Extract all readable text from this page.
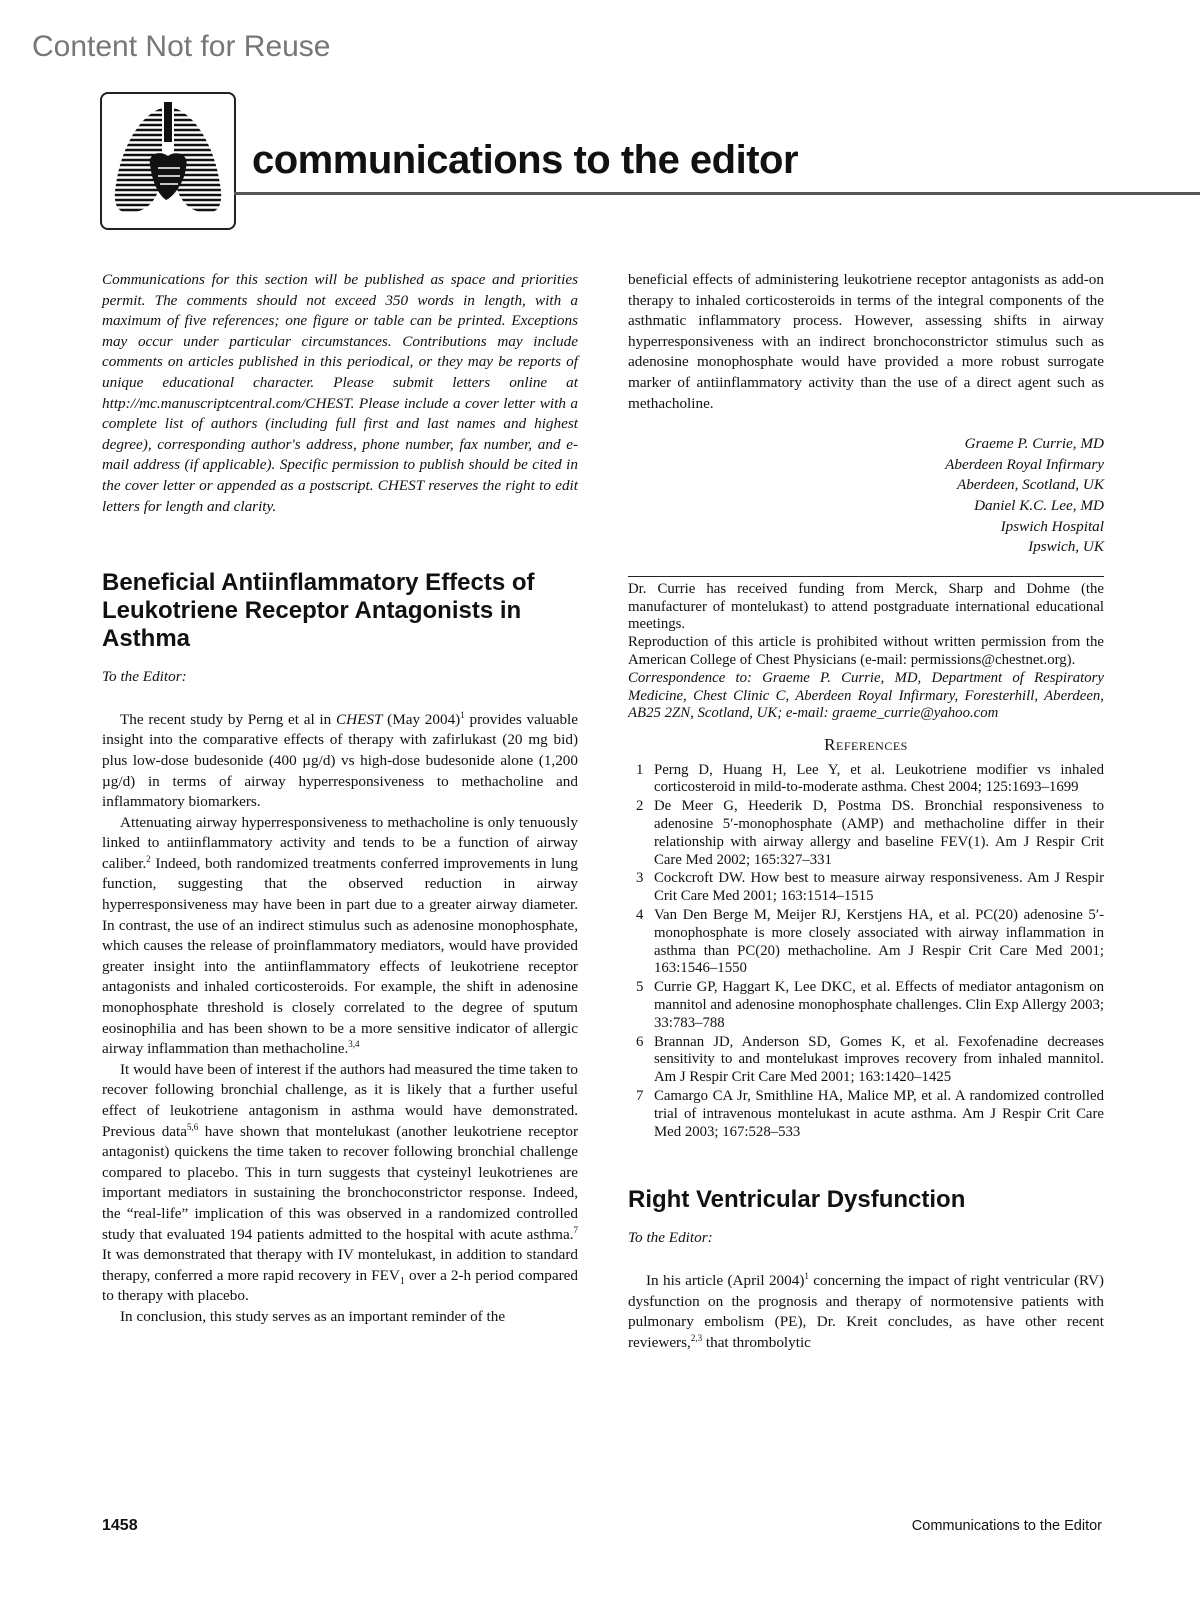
Content Not for Reuse
communications to the editor

Communications for this section will be published as space and priorities permit. The comments should not exceed 350 words in length, with a maximum of five references; one figure or table can be printed. Exceptions may occur under particular circumstances. Contributions may include comments on articles published in this periodical, or they may be reports of unique educational character. Please submit letters online at http://mc.manuscriptcentral.com/CHEST. Please include a cover letter with a complete list of authors (including full first and last names and highest degree), corresponding author's address, phone number, fax number, and e-mail address (if applicable). Specific permission to publish should be cited in the cover letter or appended as a postscript. CHEST reserves the right to edit letters for length and clarity.

Beneficial Antiinflammatory Effects of Leukotriene Receptor Antagonists in Asthma

To the Editor:

The recent study by Perng et al in CHEST (May 2004)$^1$ provides valuable insight into the comparative effects of therapy with zafirlukast (20 mg bid) plus low-dose budesonide (400 µg/d) vs high-dose budesonide alone (1,200 µg/d) in terms of airway hyperresponsiveness to methacholine and inflammatory biomarkers.

Attenuating airway hyperresponsiveness to methacholine is only tenuously linked to antiinflammatory activity and tends to be a function of airway caliber.$^2$ Indeed, both randomized treatments conferred improvements in lung function, suggesting that the observed reduction in airway hyperresponsiveness may have been in part due to a greater airway diameter. In contrast, the use of an indirect stimulus such as adenosine monophosphate, which causes the release of proinflammatory mediators, would have provided greater insight into the antiinflammatory effects of leukotriene receptor antagonists and inhaled corticosteroids. For example, the shift in adenosine monophosphate threshold is closely correlated to the degree of sputum eosinophilia and has been shown to be a more sensitive indicator of allergic airway inflammation than methacholine.$^{3,4}$

It would have been of interest if the authors had measured the time taken to recover following bronchial challenge, as it is likely that a further useful effect of leukotriene antagonism in asthma would have demonstrated. Previous data$^{5,6}$ have shown that montelukast (another leukotriene receptor antagonist) quickens the time taken to recover following bronchial challenge compared to placebo. This in turn suggests that cysteinyl leukotrienes are important mediators in sustaining the bronchoconstrictor response. Indeed, the “real-life” implication of this was observed in a randomized controlled study that evaluated 194 patients admitted to the hospital with acute asthma.$^7$ It was demonstrated that therapy with IV montelukast, in addition to standard therapy, conferred a more rapid recovery in $FEV_1$ over a 2-h period compared to therapy with placebo.

In conclusion, this study serves as an important reminder of the

beneficial effects of administering leukotriene receptor antagonists as add-on therapy to inhaled corticosteroids in terms of the integral components of the asthmatic inflammatory process. However, assessing shifts in airway hyperresponsiveness with an indirect bronchoconstrictor stimulus such as adenosine monophosphate would have provided a more robust surrogate marker of antiinflammatory activity than the use of a direct agent such as methacholine.

Graeme P. Currie, MD
Aberdeen Royal Infirmary
Aberdeen, Scotland, UK
Daniel K.C. Lee, MD
Ipswich Hospital
Ipswich, UK

Dr. Currie has received funding from Merck, Sharp and Dohme (the manufacturer of montelukast) to attend postgraduate international educational meetings.

Reproduction of this article is prohibited without written permission from the American College of Chest Physicians (e-mail: permissions@chestnet.org).

Correspondence to: Graeme P. Currie, MD, Department of Respiratory Medicine, Chest Clinic C, Aberdeen Royal Infirmary, Foresterhill, Aberdeen, AB25 2ZN, Scotland, UK; e-mail: graeme_currie@yahoo.com

References
1 Perng D, Huang H, Lee Y, et al. Leukotriene modifier vs inhaled corticosteroid in mild-to-moderate asthma. Chest 2004; 125:1693–1699
2 De Meer G, Heederik D, Postma DS. Bronchial responsiveness to adenosine 5′-monophosphate (AMP) and methacholine differ in their relationship with airway allergy and baseline FEV(1). Am J Respir Crit Care Med 2002; 165:327–331
3 Cockcroft DW. How best to measure airway responsiveness. Am J Respir Crit Care Med 2001; 163:1514–1515
4 Van Den Berge M, Meijer RJ, Kerstjens HA, et al. PC(20) adenosine 5′-monophosphate is more closely associated with airway inflammation in asthma than PC(20) methacholine. Am J Respir Crit Care Med 2001; 163:1546–1550
5 Currie GP, Haggart K, Lee DKC, et al. Effects of mediator antagonism on mannitol and adenosine monophosphate challenges. Clin Exp Allergy 2003; 33:783–788
6 Brannan JD, Anderson SD, Gomes K, et al. Fexofenadine decreases sensitivity to and montelukast improves recovery from inhaled mannitol. Am J Respir Crit Care Med 2001; 163:1420–1425
7 Camargo CA Jr, Smithline HA, Malice MP, et al. A randomized controlled trial of intravenous montelukast in acute asthma. Am J Respir Crit Care Med 2003; 167:528–533
Right Ventricular Dysfunction

To the Editor:

In his article (April 2004)$^1$ concerning the impact of right ventricular (RV) dysfunction on the prognosis and therapy of normotensive patients with pulmonary embolism (PE), Dr. Kreit concludes, as have other recent reviewers,$^{2,3}$ that thrombolytic

1458	Communications to the Editor
